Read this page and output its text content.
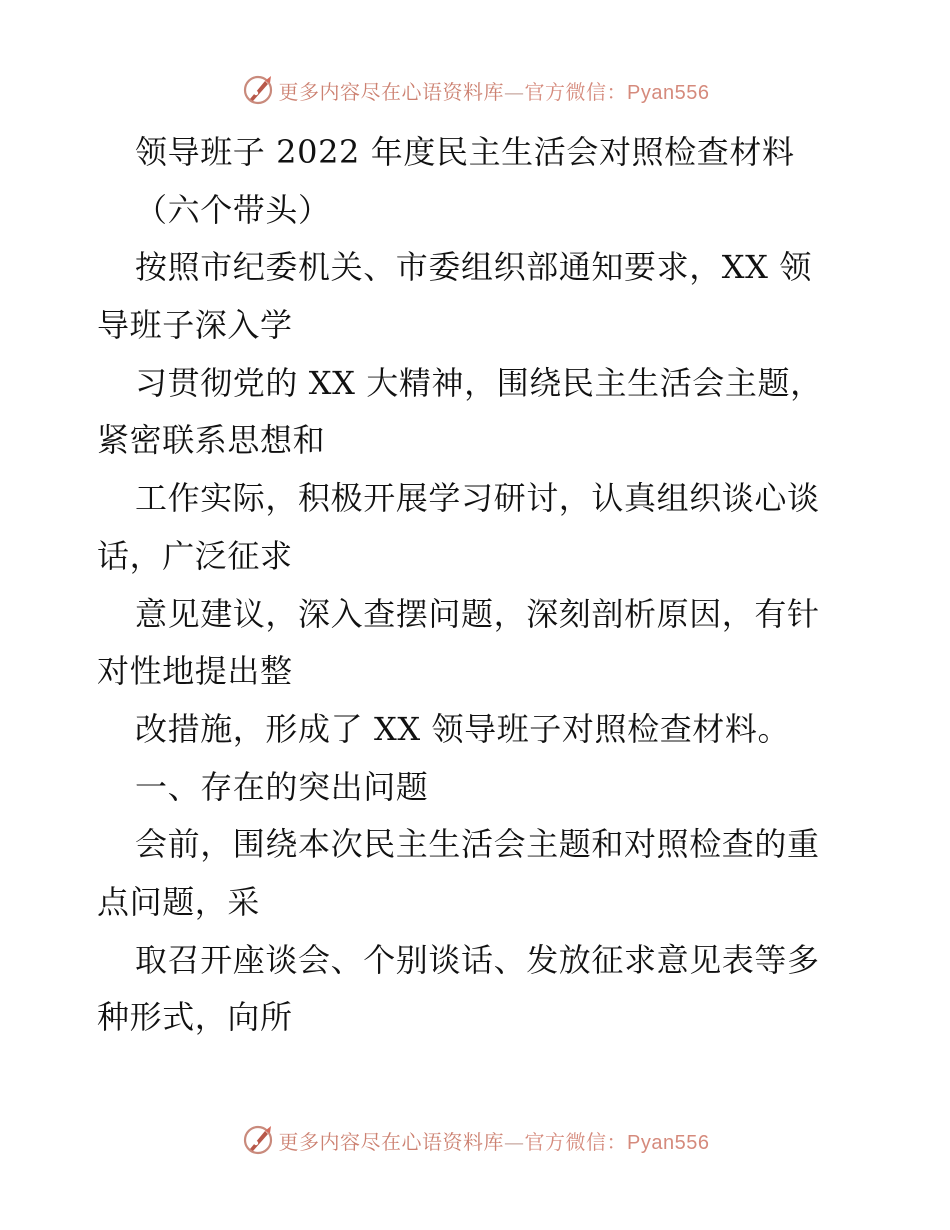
更多内容尽在心语资料库—官方微信：Pyan556
领导班子 2022 年度民主生活会对照检查材料
（六个带头）
按照市纪委机关、市委组织部通知要求，XX 领
导班子深入学
习贯彻党的 XX 大精神，围绕民主生活会主题，
紧密联系思想和
工作实际，积极开展学习研讨，认真组织谈心谈
话，广泛征求
意见建议，深入查摆问题，深刻剖析原因，有针
对性地提出整
改措施，形成了 XX 领导班子对照检查材料。
一、存在的突出问题
会前，围绕本次民主生活会主题和对照检查的重
点问题，采
取召开座谈会、个别谈话、发放征求意见表等多
种形式，向所
更多内容尽在心语资料库—官方微信：Pyan556
